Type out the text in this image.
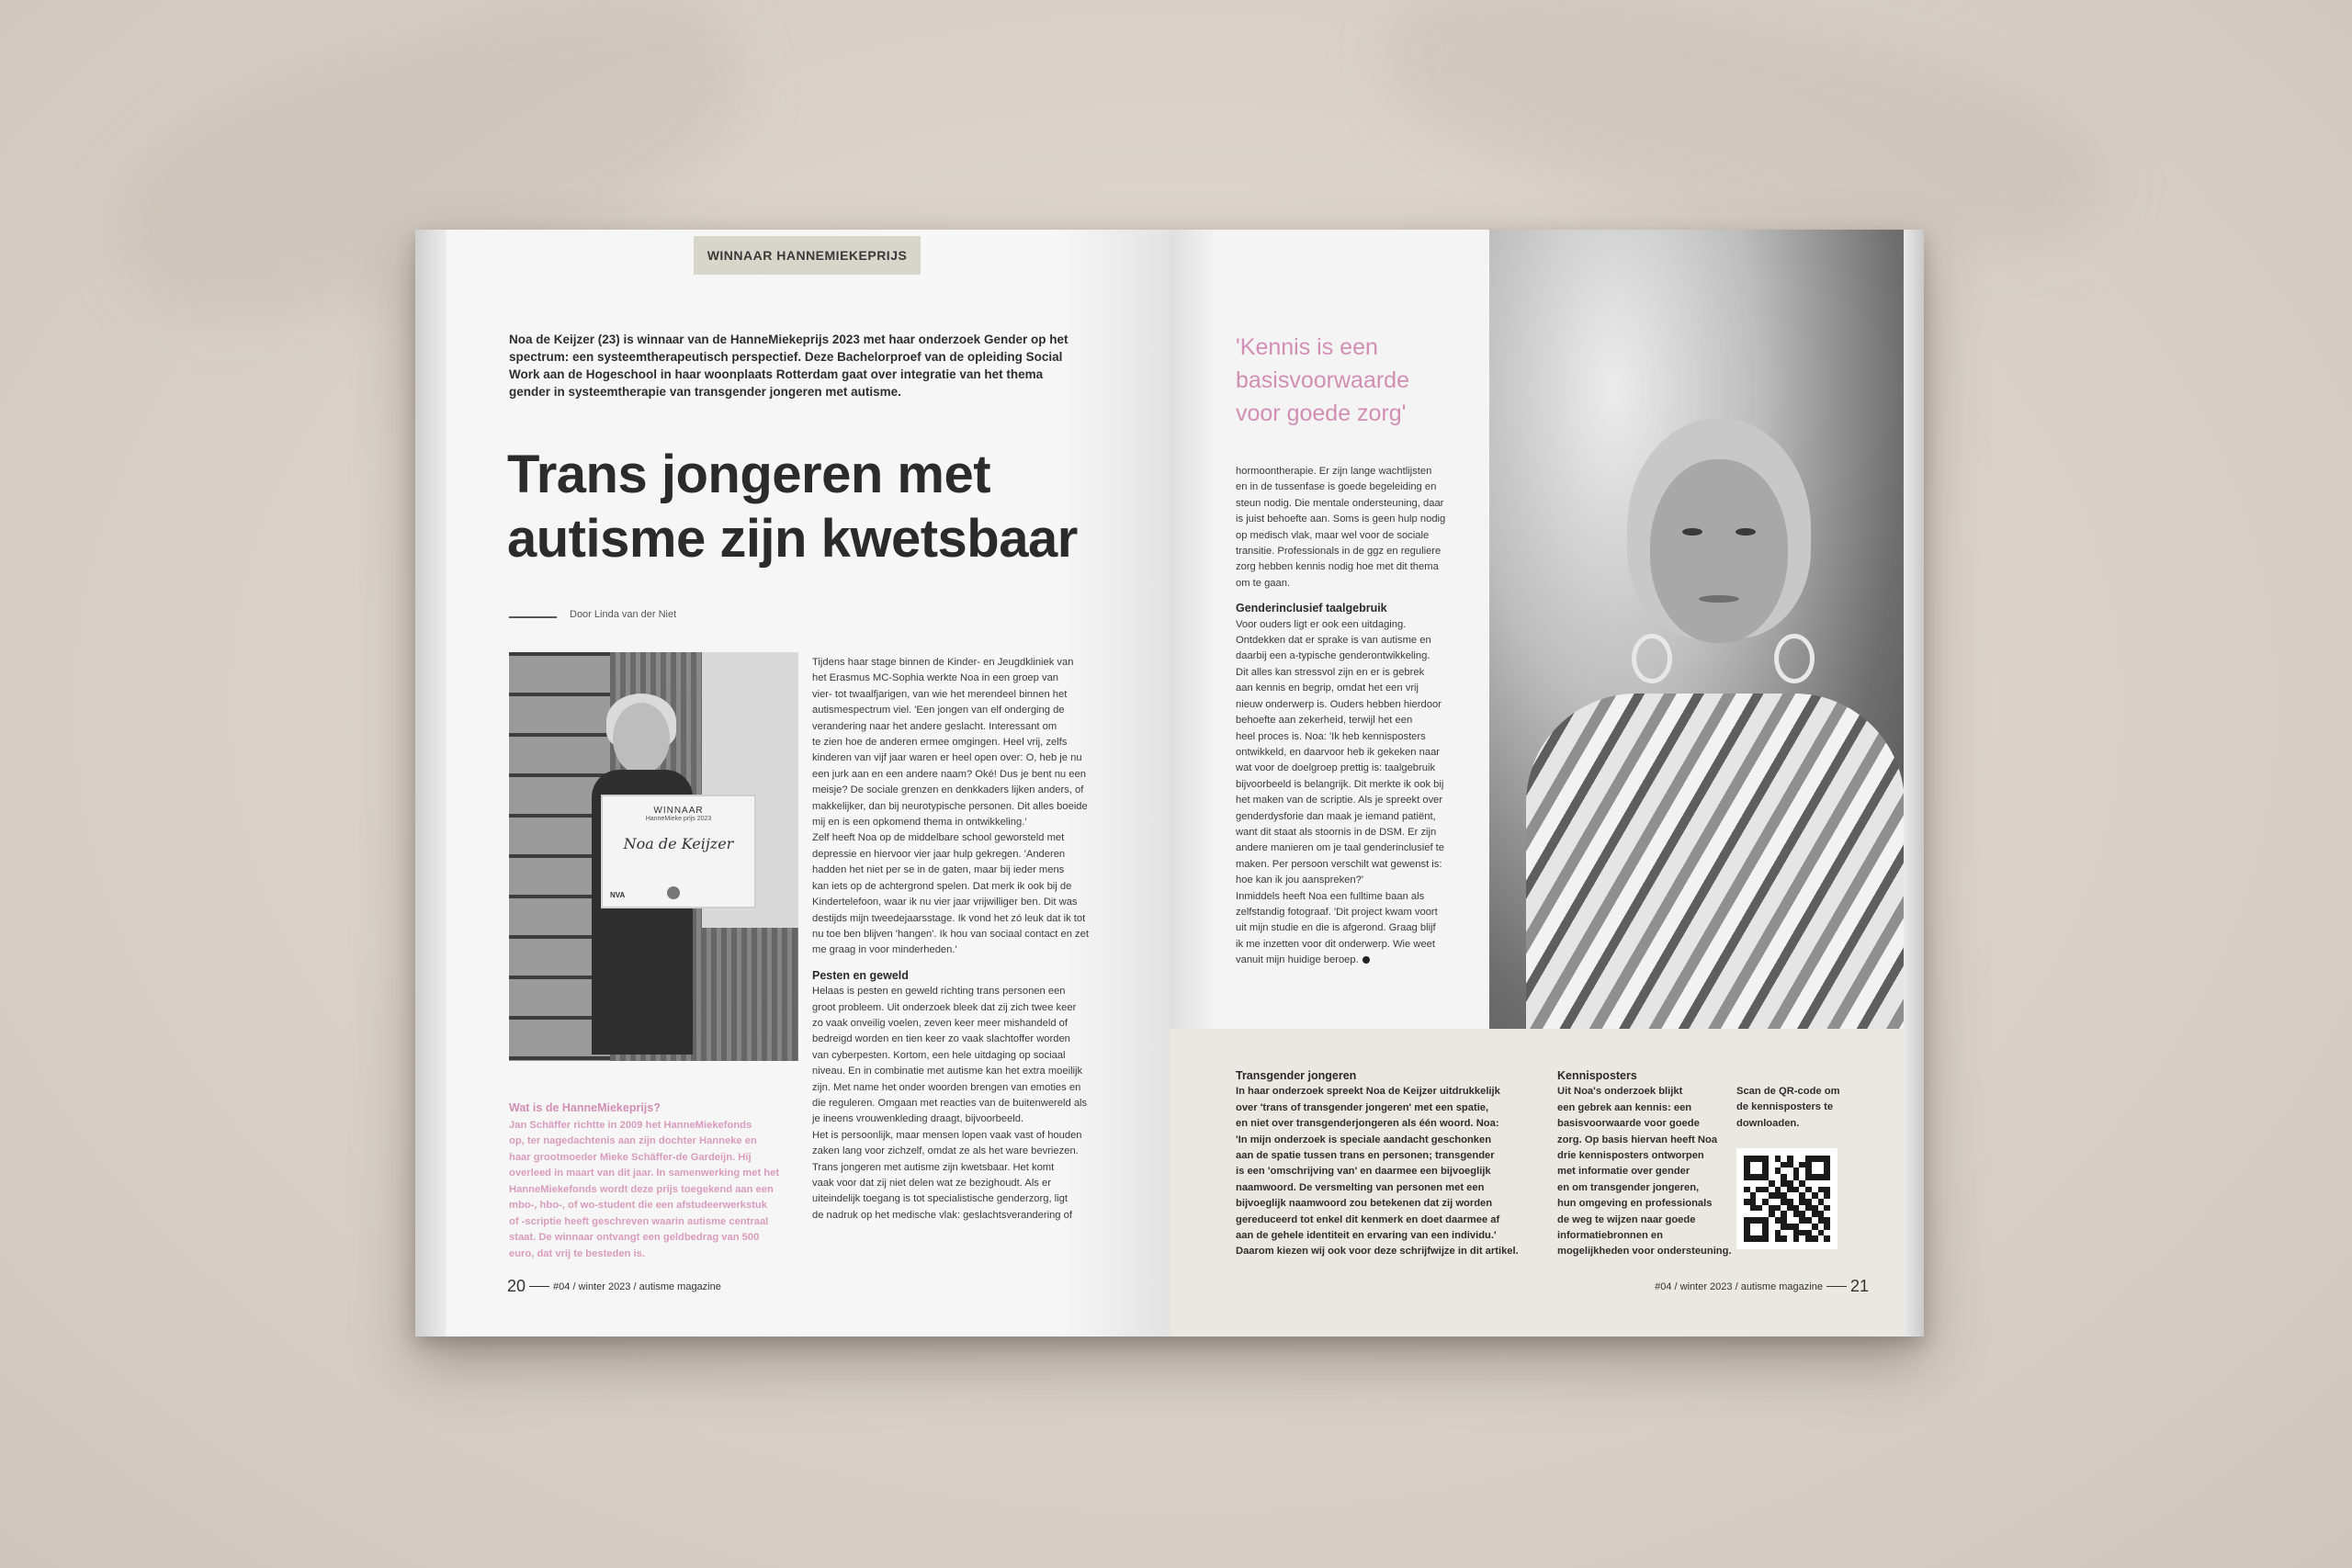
WINNAAR HANNEMIEKEPRIJS
Noa de Keijzer (23) is winnaar van de HanneMiekeprijs 2023 met haar onderzoek Gender op het
spectrum: een systeemtherapeutisch perspectief. Deze Bachelorproef van de opleiding Social
Work aan de Hogeschool in haar woonplaats Rotterdam gaat over integratie van het thema
gender in systeemtherapie van transgender jongeren met autisme.
Trans jongeren met
autisme zijn kwetsbaar
Door Linda van der Niet
WINNAAR
HanneMieke prijs 2023
Noa de Keijzer
NVA

Tijdens haar stage binnen de Kinder- en Jeugdkliniek van

het Erasmus MC-Sophia werkte Noa in een groep van

vier- tot twaalfjarigen, van wie het merendeel binnen het

autismespectrum viel. 'Een jongen van elf onderging de

verandering naar het andere geslacht. Interessant om

te zien hoe de anderen ermee omgingen. Heel vrij, zelfs

kinderen van vijf jaar waren er heel open over: O, heb je nu

een jurk aan en een andere naam? Oké! Dus je bent nu een

meisje? De sociale grenzen en denkkaders lijken anders, of

makkelijker, dan bij neurotypische personen. Dit alles boeide

mij en is een opkomend thema in ontwikkeling.'

Zelf heeft Noa op de middelbare school geworsteld met

depressie en hiervoor vier jaar hulp gekregen. 'Anderen

hadden het niet per se in de gaten, maar bij ieder mens

kan iets op de achtergrond spelen. Dat merk ik ook bij de

Kindertelefoon, waar ik nu vier jaar vrijwilliger ben. Dit was

destijds mijn tweedejaarsstage. Ik vond het zó leuk dat ik tot

nu toe ben blijven 'hangen'. Ik hou van sociaal contact en zet

me graag in voor minderheden.'

Pesten en geweld

Helaas is pesten en geweld richting trans personen een

groot probleem. Uit onderzoek bleek dat zij zich twee keer

zo vaak onveilig voelen, zeven keer meer mishandeld of

bedreigd worden en tien keer zo vaak slachtoffer worden

van cyberpesten. Kortom, een hele uitdaging op sociaal

niveau. En in combinatie met autisme kan het extra moeilijk

zijn. Met name het onder woorden brengen van emoties en

die reguleren. Omgaan met reacties van de buitenwereld als

je ineens vrouwenkleding draagt, bijvoorbeeld.

Het is persoonlijk, maar mensen lopen vaak vast of houden

zaken lang voor zichzelf, omdat ze als het ware bevriezen.

Trans jongeren met autisme zijn kwetsbaar. Het komt

vaak voor dat zij niet delen wat ze bezighoudt. Als er

uiteindelijk toegang is tot specialistische genderzorg, ligt

de nadruk op het medische vlak: geslachtsverandering of

Wat is de HanneMiekeprijs?
Jan Schäffer richtte in 2009 het HanneMiekefonds
op, ter nagedachtenis aan zijn dochter Hanneke en
haar grootmoeder Mieke Schäffer-de Gardeijn. Hij
overleed in maart van dit jaar. In samenwerking met het
HanneMiekefonds wordt deze prijs toegekend aan een
mbo-, hbo-, of wo-student die een afstudeerwerkstuk
of -scriptie heeft geschreven waarin autisme centraal
staat. De winnaar ontvangt een geldbedrag van 500
euro, dat vrij te besteden is.
20	#04 / winter 2023 / autisme magazine
'Kennis is een
basisvoorwaarde
voor goede zorg'

hormoontherapie. Er zijn lange wachtlijsten

en in de tussenfase is goede begeleiding en

steun nodig. Die mentale ondersteuning, daar

is juist behoefte aan. Soms is geen hulp nodig

op medisch vlak, maar wel voor de sociale

transitie. Professionals in de ggz en reguliere

zorg hebben kennis nodig hoe met dit thema

om te gaan.

Genderinclusief taalgebruik

Voor ouders ligt er ook een uitdaging.

Ontdekken dat er sprake is van autisme en

daarbij een a-typische genderontwikkeling.

Dit alles kan stressvol zijn en er is gebrek

aan kennis en begrip, omdat het een vrij

nieuw onderwerp is. Ouders hebben hierdoor

behoefte aan zekerheid, terwijl het een

heel proces is. Noa: 'Ik heb kennisposters

ontwikkeld, en daarvoor heb ik gekeken naar

wat voor de doelgroep prettig is: taalgebruik

bijvoorbeeld is belangrijk. Dit merkte ik ook bij

het maken van de scriptie. Als je spreekt over

genderdysforie dan maak je iemand patiënt,

want dit staat als stoornis in de DSM. Er zijn

andere manieren om je taal genderinclusief te

maken. Per persoon verschilt wat gewenst is:

hoe kan ik jou aanspreken?'

Inmiddels heeft Noa een fulltime baan als

zelfstandig fotograaf. 'Dit project kwam voort

uit mijn studie en die is afgerond. Graag blijf

ik me inzetten voor dit onderwerp. Wie weet

vanuit mijn huidige beroep.

Transgender jongeren

In haar onderzoek spreekt Noa de Keijzer uitdrukkelijk

over 'trans of transgender jongeren' met een spatie,

en niet over transgenderjongeren als één woord. Noa:

'In mijn onderzoek is speciale aandacht geschonken

aan de spatie tussen trans en personen; transgender

is een 'omschrijving van' en daarmee een bijvoeglijk

naamwoord. De versmelting van personen met een

bijvoeglijk naamwoord zou betekenen dat zij worden

gereduceerd tot enkel dit kenmerk en doet daarmee af

aan de gehele identiteit en ervaring van een individu.'

Daarom kiezen wij ook voor deze schrijfwijze in dit artikel.

Kennisposters

Uit Noa's onderzoek blijkt

een gebrek aan kennis: een

basisvoorwaarde voor goede

zorg. Op basis hiervan heeft Noa

drie kennisposters ontworpen

met informatie over gender

en om transgender jongeren,

hun omgeving en professionals

de weg te wijzen naar goede

informatiebronnen en

mogelijkheden voor ondersteuning.

Scan de QR-code om

de kennisposters te

downloaden.

#04 / winter 2023 / autisme magazine 21
